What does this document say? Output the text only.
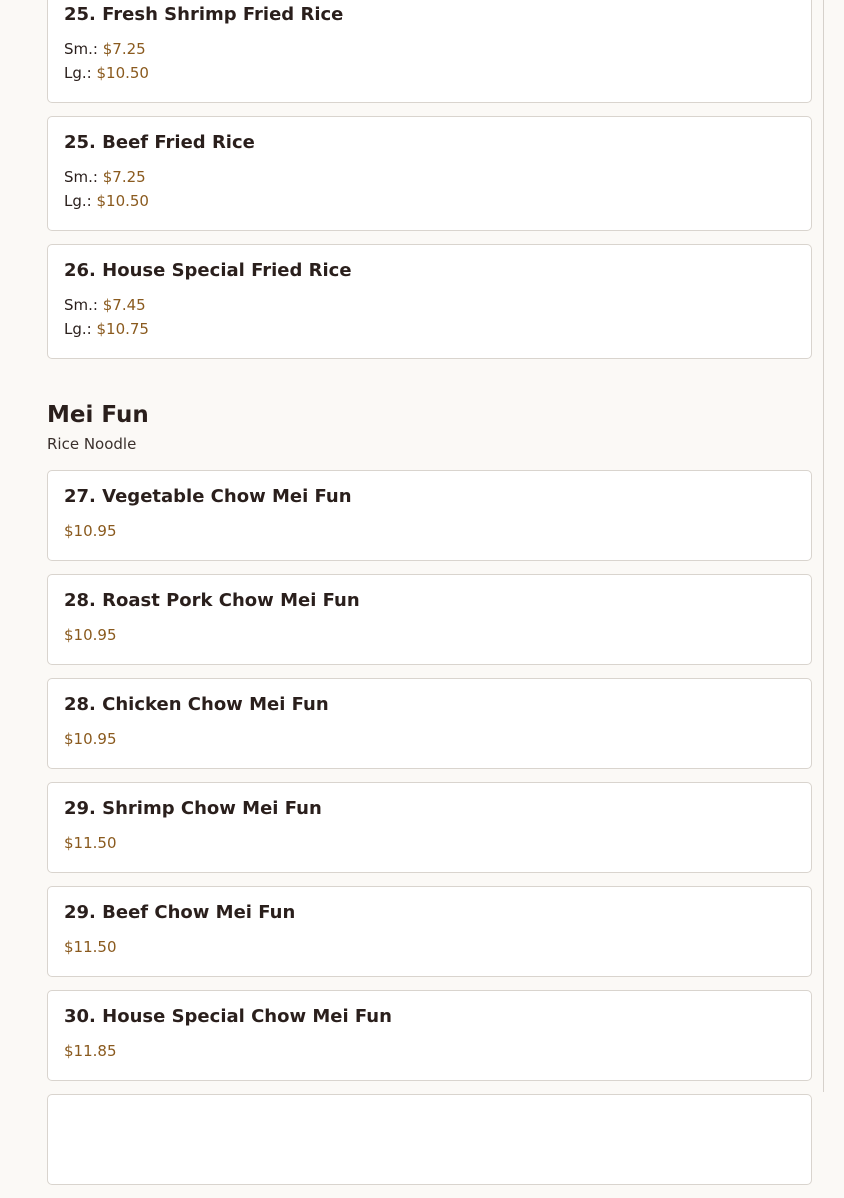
25. Fresh Shrimp Fried Rice
Sm.: $7.25
Lg.: $10.50
25. Beef Fried Rice
Sm.: $7.25
Lg.: $10.50
26. House Special Fried Rice
Sm.: $7.45
Lg.: $10.75
Mei Fun
Rice Noodle
27. Vegetable Chow Mei Fun
$10.95
28. Roast Pork Chow Mei Fun
$10.95
28. Chicken Chow Mei Fun
$10.95
29. Shrimp Chow Mei Fun
$11.50
29. Beef Chow Mei Fun
$11.50
30. House Special Chow Mei Fun
$11.85
